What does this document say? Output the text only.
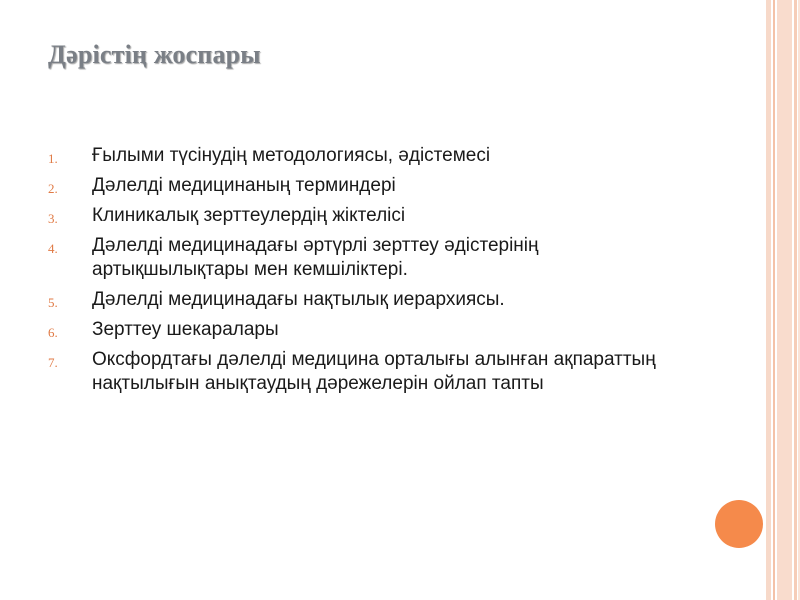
Дәрістің жоспары
1.	Ғылыми түсінудің методологиясы, әдістемесі
2.	Дәлелді медицинаның терминдері
3.	Клиникалық зерттеулердің жіктелісі
4.	Дәлелді медицинадағы әртүрлі зерттеу әдістерінің артықшылықтары мен кемшіліктері.
5.	Дәлелді медицинадағы нақтылық иерархиясы.
6.	Зерттеу шекаралары
7.	Оксфордтағы дәлелді медицина орталығы алынған ақпараттың нақтылығын анықтаудың дәрежелерін ойлап тапты
